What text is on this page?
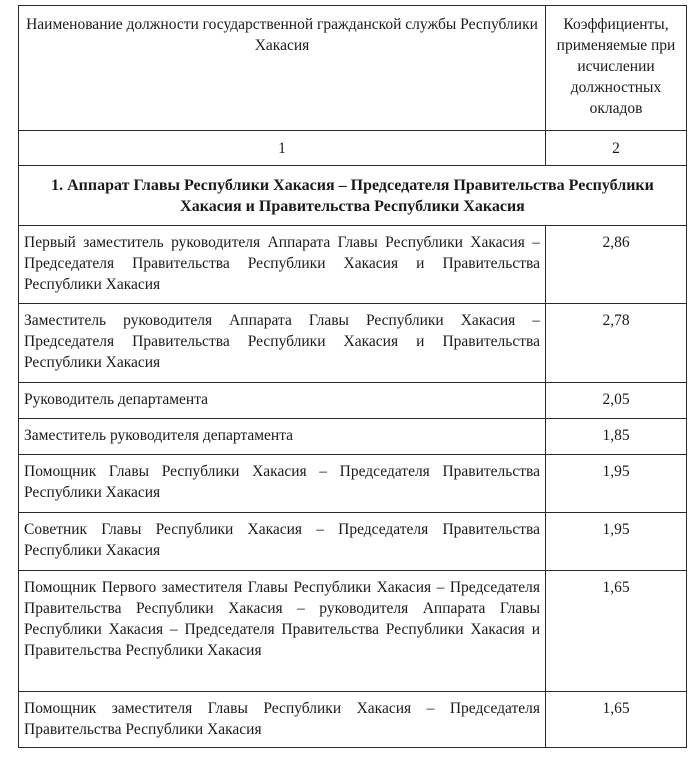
Наименование должности государственной гражданской службы Республики Хакасия	Коэффициенты, применяемые при исчислении должностных окладов
1	2
1. Аппарат Главы Республики Хакасия – Председателя Правительства Республики Хакасия и Правительства Республики Хакасия	
Первый заместитель руководителя Аппарата Главы Республики Хакасия – Председателя Правительства Республики Хакасия и Правительства Республики Хакасия	2,86
Заместитель руководителя Аппарата Главы Республики Хакасия – Председателя Правительства Республики Хакасия и Правительства Республики Хакасия	2,78
Руководитель департамента	2,05
Заместитель руководителя департамента	1,85
Помощник Главы Республики Хакасия – Председателя Правительства Республики Хакасия	1,95
Советник Главы Республики Хакасия – Председателя Правительства Республики Хакасия	1,95
Помощник Первого заместителя Главы Республики Хакасия – Председателя Правительства Республики Хакасия – руководителя Аппарата Главы Республики Хакасия – Председателя Правительства Республики Хакасия и Правительства Республики Хакасия	1,65
Помощник заместителя Главы Республики Хакасия – Председателя Правительства Республики Хакасия	1,65
